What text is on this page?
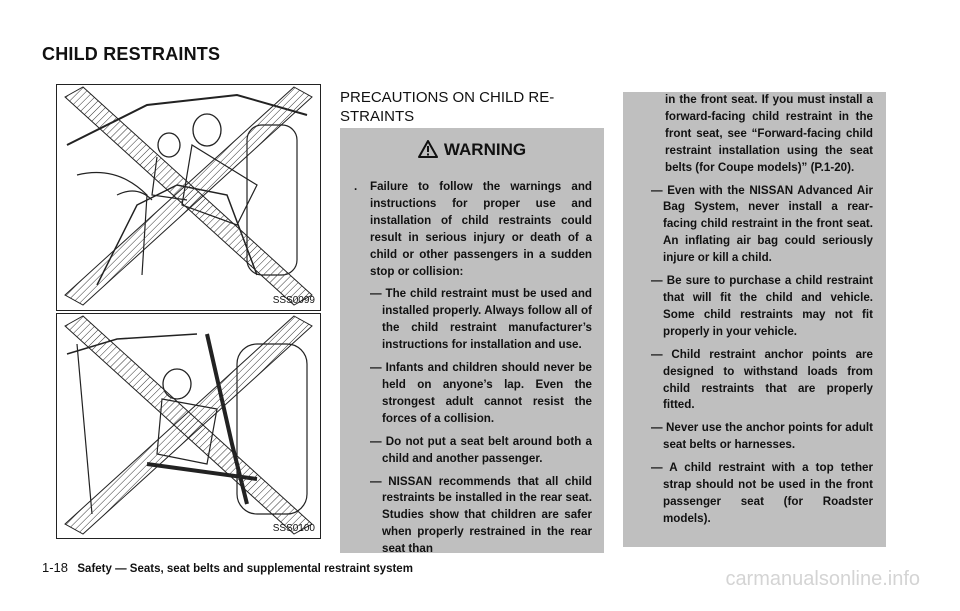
CHILD RESTRAINTS
SSS0099
SSS0100
PRECAUTIONS ON CHILD RE-
STRAINTS
WARNING
. Failure to follow the warnings and instructions for proper use and installation of child restraints could result in serious injury or death of a child or other passengers in a sudden stop or collision:
— The child restraint must be used and installed properly. Always follow all of the child restraint manufacturer’s instructions for installation and use.
— Infants and children should never be held on anyone’s lap. Even the strongest adult cannot resist the forces of a collision.
— Do not put a seat belt around both a child and another passenger.
— NISSAN recommends that all child restraints be installed in the rear seat. Studies show that children are safer when properly restrained in the rear seat than
in the front seat. If you must install a forward-facing child restraint in the front seat, see “Forward-facing child restraint installation using the seat belts (for Coupe models)” (P.1-20).
— Even with the NISSAN Advanced Air Bag System, never install a rear-facing child restraint in the front seat. An inflating air bag could seriously injure or kill a child.
— Be sure to purchase a child restraint that will fit the child and vehicle. Some child restraints may not fit properly in your vehicle.
— Child restraint anchor points are designed to withstand loads from child restraints that are properly fitted.
— Never use the anchor points for adult seat belts or harnesses.
— A child restraint with a top tether strap should not be used in the front passenger seat (for Roadster models).
1-18 Safety — Seats, seat belts and supplemental restraint system	carmanualsonline.info
